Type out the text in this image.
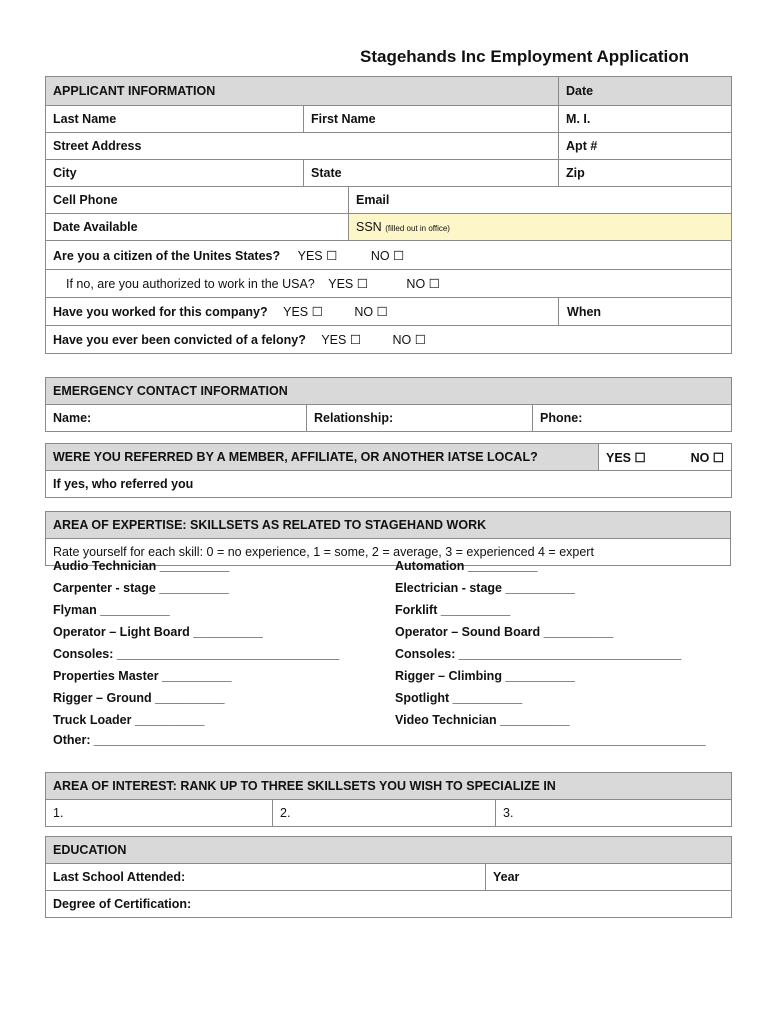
Stagehands Inc Employment Application
APPLICANT INFORMATION			Date
Last Name	First Name		M. I.
Street Address			Apt #
City	State		Zip
Cell Phone		Email	
Date Available		SSN (filled out in office)	
Are you a citizen of the Unites States? YES ☐ NO ☐			
If no, are you authorized to work in the USA? YES ☐ NO ☐			
Have you worked for this company? YES ☐ NO ☐			When
Have you ever been convicted of a felony? YES ☐ NO ☐			
EMERGENCY CONTACT INFORMATION
Name:	Relationship:	Phone:
WERE YOU REFERRED BY A MEMBER, AFFILIATE, OR ANOTHER IATSE LOCAL?	YES ☐	NO ☐
If yes, who referred you
AREA OF EXPERTISE: SKILLSETS AS RELATED TO STAGEHAND WORK
Rate yourself for each skill: 0 = no experience, 1 = some, 2 = average, 3 = experienced 4 = expert
Audio Technician __________	Automation __________
Carpenter - stage __________	Electrician - stage __________
Flyman __________	Forklift __________
Operator – Light Board __________	Operator – Sound Board __________
Consoles: ________________________________	Consoles: ________________________________
Properties Master __________	Rigger – Climbing __________
Rigger – Ground __________	Spotlight __________
Truck Loader __________	Video Technician __________
Other: ________________________________________________________________________________________
AREA OF INTEREST: RANK UP TO THREE SKILLSETS YOU WISH TO SPECIALIZE IN
1.	2.	3.
EDUCATION
Last School Attended:	Year
Degree of Certification:
